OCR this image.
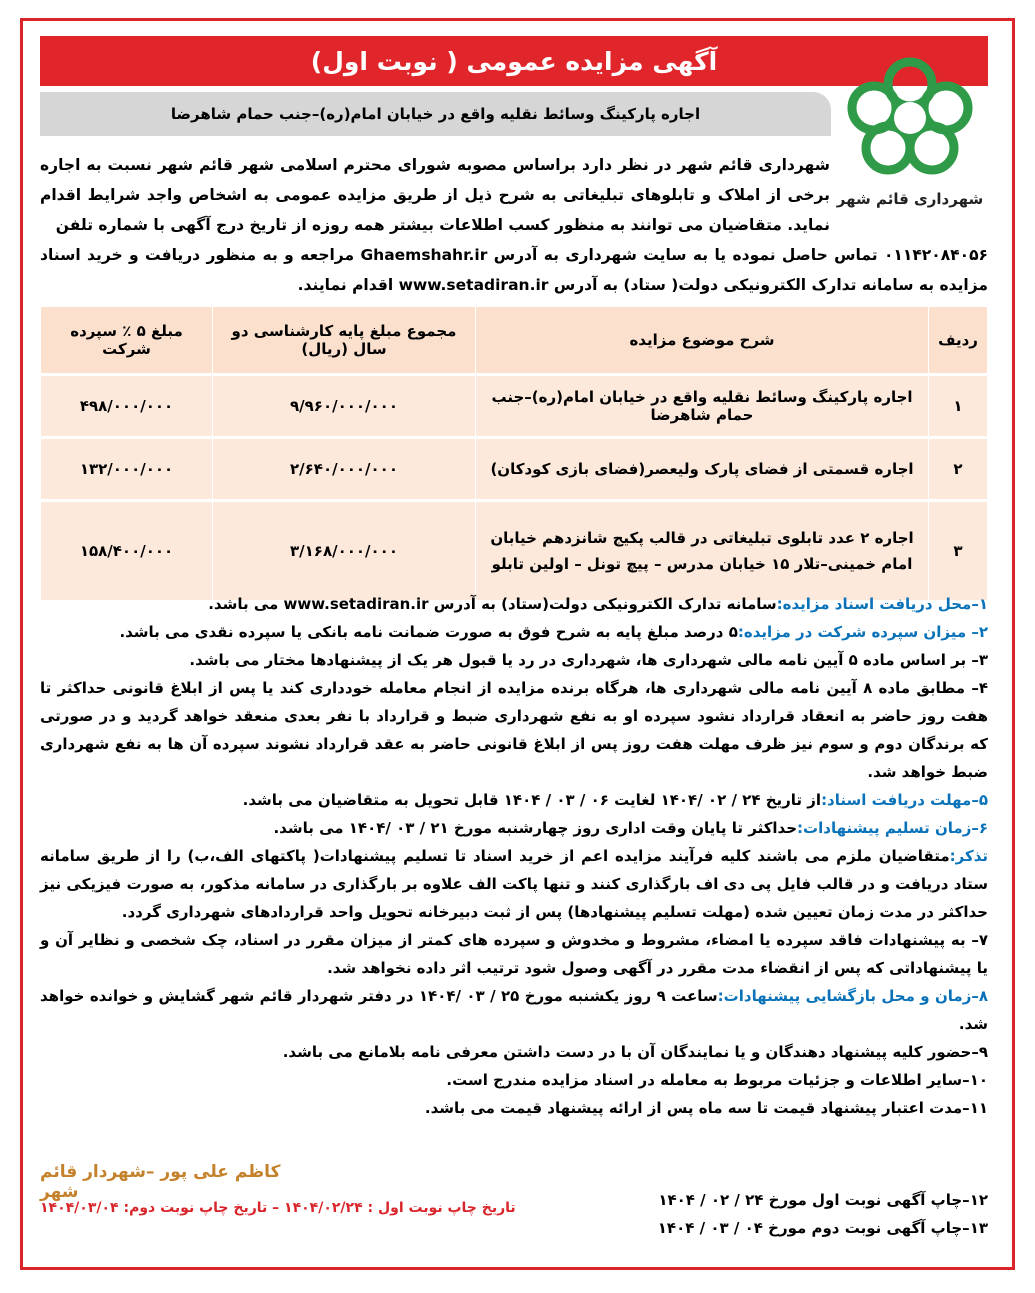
آگهی مزایده عمومی ( نوبت اول)
اجاره پارکینگ وسائط نقلیه واقع در خیابان امام(ره)–جنب حمام شاهرضا
شهرداری قائم شهر
شهرداری قائم شهر در نظر دارد براساس مصوبه شورای محترم اسلامی شهر قائم شهر نسبت به اجاره برخی از املاک و تابلوهای تبلیغاتی به شرح ذیل از طریق مزایده عمومی به اشخاص واجد شرایط اقدام نماید. متقاضیان می توانند به منظور کسب اطلاعات بیشتر همه روزه از تاریخ درج آگهی با شماره تلفن
۰۱۱۴۲۰۸۴۰۵۶ تماس حاصل نموده یا به سایت شهرداری به آدرس Ghaemshahr.ir مراجعه و به منظور دریافت و خرید اسناد مزایده به سامانه تدارک الکترونیکی دولت( ستاد) به آدرس www.setadiran.ir اقدام نمایند.
ردیف	شرح موضوع مزایده	مجموع مبلغ پایه کارشناسی دو سال (ریال)	مبلغ ۵ ٪ سپرده شرکت
۱	اجاره پارکینگ وسائط نقلیه واقع در خیابان امام(ره)–جنب حمام شاهرضا	۹/۹۶۰/۰۰۰/۰۰۰	۴۹۸/۰۰۰/۰۰۰
۲	اجاره قسمتی از فضای پارک ولیعصر(فضای بازی کودکان)	۲/۶۴۰/۰۰۰/۰۰۰	۱۳۲/۰۰۰/۰۰۰
۳	اجاره ۲ عدد تابلوی تبلیغاتی در قالب پکیج شانزدهم خیابان امام خمینی–تلار ۱۵ خیابان مدرس – پیچ تونل – اولین تابلو	۳/۱۶۸/۰۰۰/۰۰۰	۱۵۸/۴۰۰/۰۰۰

۱–محل دریافت اسناد مزایده:سامانه تدارک الکترونیکی دولت(ستاد) به آدرس www.setadiran.ir می باشد.

۲– میزان سپرده شرکت در مزایده:۵ درصد مبلغ پایه به شرح فوق به صورت ضمانت نامه بانکی یا سپرده نقدی می باشد.

۳– بر اساس ماده ۵ آیین نامه مالی شهرداری ها، شهرداری در رد یا قبول هر یک از پیشنهادها مختار می باشد.

۴– مطابق ماده ۸ آیین نامه مالی شهرداری ها، هرگاه برنده مزایده از انجام معامله خودداری کند یا پس از ابلاغ قانونی حداکثر تا هفت روز حاضر به انعقاد قرارداد نشود سپرده او به نفع شهرداری ضبط و قرارداد با نفر بعدی منعقد خواهد گردید و در صورتی که برندگان دوم و سوم نیز ظرف مهلت هفت روز پس از ابلاغ قانونی حاضر به عقد قرارداد نشوند سپرده آن ها به نفع شهرداری ضبط خواهد شد.

۵–مهلت دریافت اسناد:از تاریخ ۲۴ / ۰۲ /۱۴۰۴ لغایت ۰۶ / ۰۳ / ۱۴۰۴ قابل تحویل به متقاضیان می باشد.

۶–زمان تسلیم پیشنهادات:حداکثر تا پایان وقت اداری روز چهارشنبه مورخ ۲۱ / ۰۳ /۱۴۰۴ می باشد.

تذکر:متقاضیان ملزم می باشند کلیه فرآیند مزایده اعم از خرید اسناد تا تسلیم پیشنهادات( پاکتهای الف،ب) را از طریق سامانه ستاد دریافت و در قالب فایل پی دی اف بارگذاری کنند و تنها پاکت الف علاوه بر بارگذاری در سامانه مذکور، به صورت فیزیکی نیز حداکثر در مدت زمان تعیین شده (مهلت تسلیم پیشنهادها) پس از ثبت دبیرخانه تحویل واحد قراردادهای شهرداری گردد.

۷– به پیشنهادات فاقد سپرده یا امضاء، مشروط و مخدوش و سپرده های کمتر از میزان مقرر در اسناد، چک شخصی و نظایر آن و یا پیشنهاداتی که پس از انقضاء مدت مقرر در آگهی وصول شود ترتیب اثر داده نخواهد شد.

۸–زمان و محل بازگشایی پیشنهادات:ساعت ۹ روز یکشنبه مورخ ۲۵ / ۰۳ /۱۴۰۴ در دفتر شهردار قائم شهر گشایش و خوانده خواهد شد.

۹–حضور کلیه پیشنهاد دهندگان و یا نمایندگان آن با در دست داشتن معرفی نامه بلامانع می باشد.

۱۰–سایر اطلاعات و جزئیات مربوط به معامله در اسناد مزایده مندرج است.

۱۱–مدت اعتبار پیشنهاد قیمت تا سه ماه پس از ارائه پیشنهاد قیمت می باشد.

۱۲–چاپ آگهی نوبت اول مورخ ۲۴ / ۰۲ / ۱۴۰۴
۱۳–چاپ آگهی نوبت دوم مورخ ۰۴ / ۰۳ / ۱۴۰۴
کاظم علی پور –شهردار قائم شهر
تاریخ چاپ نوبت اول : ۱۴۰۴/۰۲/۲۴ – تاریخ چاپ نوبت دوم: ۱۴۰۴/۰۳/۰۴
